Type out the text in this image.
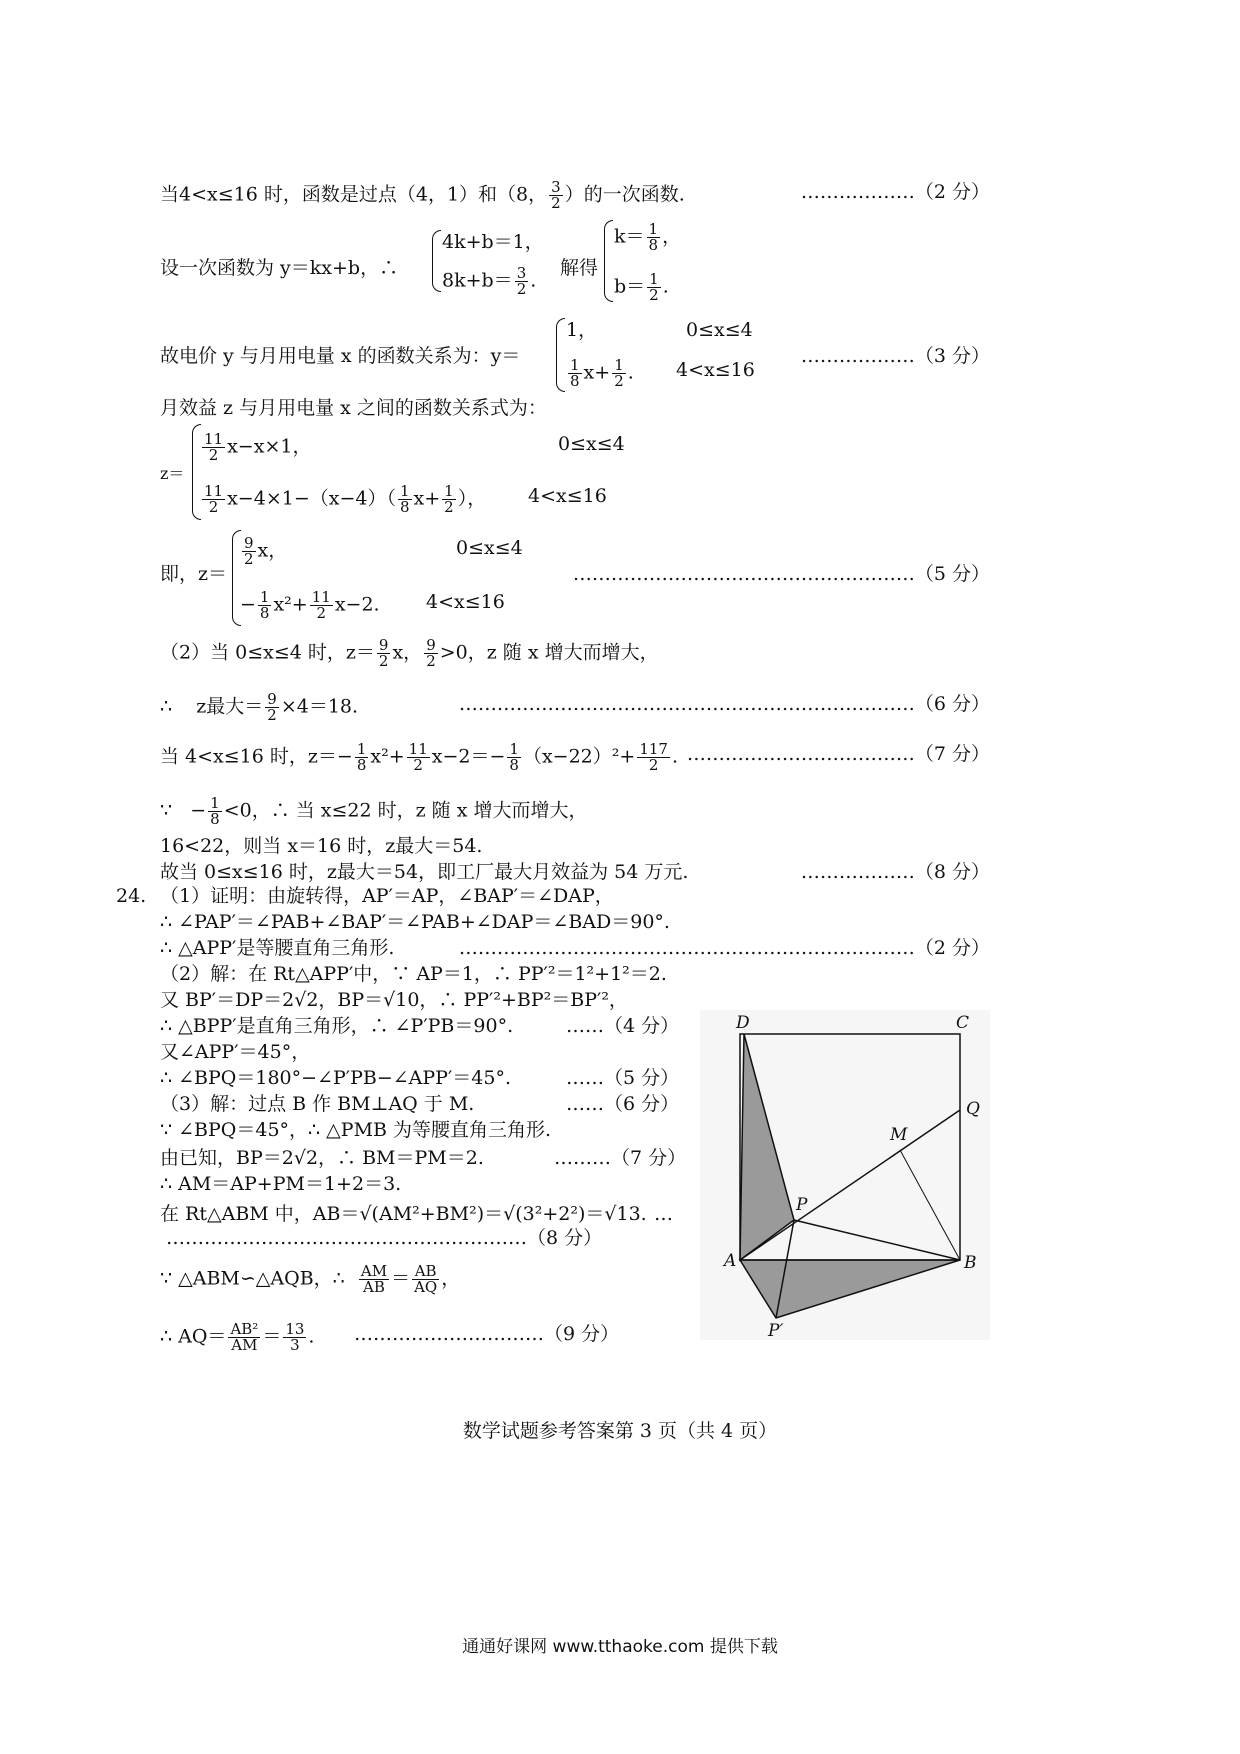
当4<x≤16 时，函数是过点（4，1）和（8， $\frac{3}{2}$ ）的一次函数.	………………（2 分）
设一次函数为 y＝kx+b，∴
4k+b＝1，
$8k+b= \frac{3}{2}$ .
解得
$k= \frac{1}{8}$ ，
$b= \frac{1}{2}$ .
故电价 y 与月用电量 x 的函数关系为：y＝
1，	0≤x≤4
$\frac{1}{8} x+ \frac{1}{2}$ . 4<x≤16
………………（3 分）
月效益 z 与月用电量 x 之间的函数关系式为：
z＝
$\frac{11}{2} x-x\times 1$，	0≤x≤4
$\frac{11}{2} x-4\times 1-(x-4)( \frac{1}{8} x+ \frac{1}{2}$ ）， 4<x≤16
即，z＝
$\frac{9}{2}$ x，	0≤x≤4
− $\frac{1}{8} x^2+ \frac{11}{2} x-2$. 4<x≤16
………………………………………………（5 分）
（2）当 0≤x≤4 时，$z= \frac{9}{2}$ x， $\frac{9}{2} >0$，z 随 x 增大而增大，
∴ z最大＝ $\frac{9}{2} \times 4=18$.	………………………………………………………………（6 分）
当 4<x≤16 时，$z=- \frac{1}{8} x^2+ \frac{11}{2} x-2=- \frac{1}{8} (x-22)^2+ \frac{117}{2}$ . ………………………………（7 分）
∵   − $\frac{1}{8} <0$，∴ 当 x≤22 时，z 随 x 增大而增大，
16<22，则当 x＝16 时，z最大＝54.
故当 0≤x≤16 时，z最大＝54，即工厂最大月效益为 54 万元.	………………（8 分）
24. （1）证明：由旋转得，AP′＝AP，∠BAP′＝∠DAP，
∴ ∠PAP′＝∠PAB+∠BAP′＝∠PAB+∠DAP＝∠BAD＝90°.
∴ △APP′是等腰直角三角形.	………………………………………………………………（2 分）
（2）解：在 Rt△APP′中，∵ AP＝1，∴ PP′²＝1²+1²＝2.
又 BP′＝DP＝2√2，BP＝√10，∴ PP′²+BP²＝BP′²，
∴ △BPP′是直角三角形，∴ ∠P′PB＝90°.	……（4 分）
又∠APP′＝45°，
∴ ∠BPQ＝180°−∠P′PB−∠APP′＝45°.	……（5 分）
（3）解：过点 B 作 BM⊥AQ 于 M.	……（6 分）
∵ ∠BPQ＝45°，∴ △PMB 为等腰直角三角形.
由已知，BP＝2√2，∴ BM＝PM＝2.	………（7 分）
∴ AM＝AP+PM＝1+2＝3.
在 Rt△ABM 中，AB＝√(AM²+BM²)＝√(3²+2²)＝√13. …
…………………………………………………（8 分）
∵ △ABM∽△AQB，∴ $\frac{AM}{AB} = \frac{AB}{AQ}$ ，
∴ $AQ= \frac{\text{AB²}}{AM} = \frac{13}{3}$ . …………………………（9 分）
D	C
Q
M
P
A	B
P′
数学试题参考答案第 3 页（共 4 页）
通通好课网 www.tthaoke.com 提供下载
